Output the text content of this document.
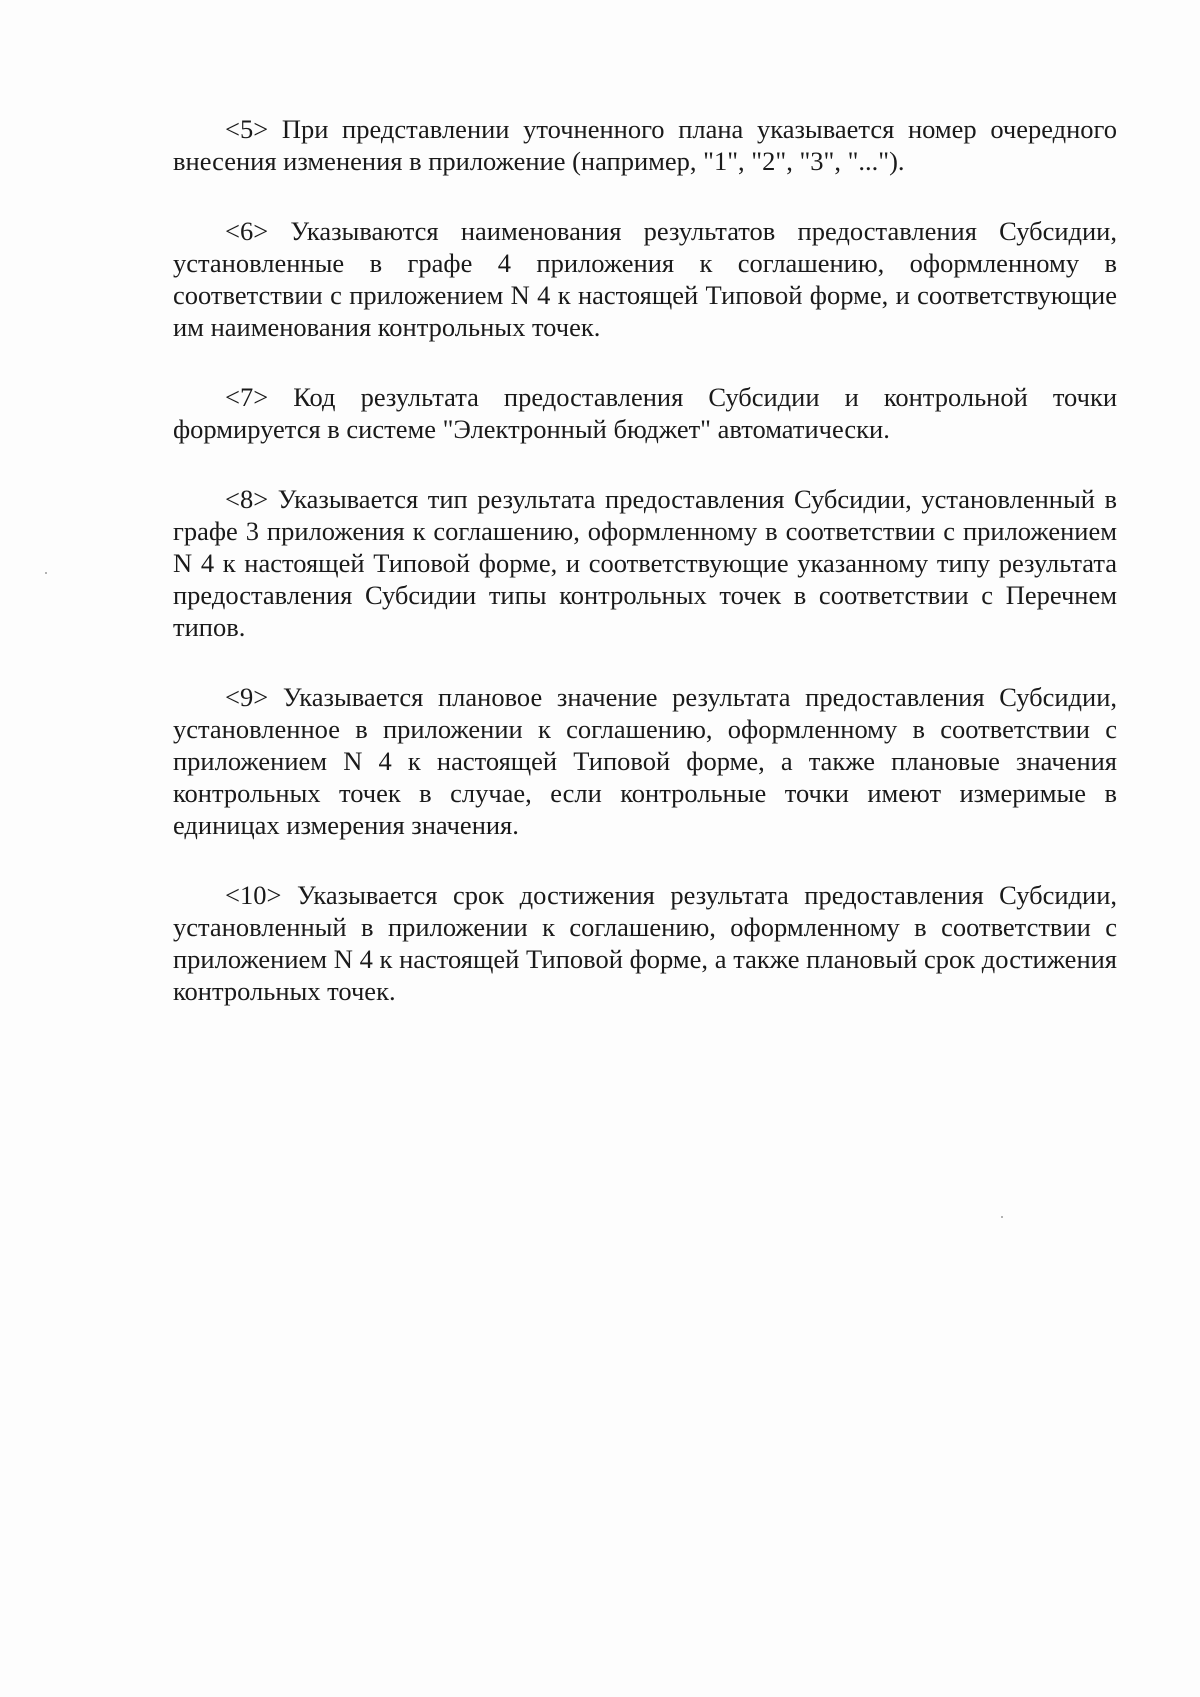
<5> При представлении уточненного плана указывается номер очередного внесения изменения в приложение (например, "1", "2", "3", "...").

<6> Указываются наименования результатов предоставления Субсидии, установленные в графе 4 приложения к соглашению, оформленному в соответствии с приложением N 4 к настоящей Типовой форме, и соответствующие им наименования контрольных точек.

<7> Код результата предоставления Субсидии и контрольной точки формируется в системе "Электронный бюджет" автоматически.

<8> Указывается тип результата предоставления Субсидии, установленный в графе 3 приложения к соглашению, оформленному в соответствии с приложением N 4 к настоящей Типовой форме, и соответствующие указанному типу результата предоставления Субсидии типы контрольных точек в соответствии с Перечнем типов.

<9> Указывается плановое значение результата предоставления Субсидии, установленное в приложении к соглашению, оформленному в соответствии с приложением N 4 к настоящей Типовой форме, а также плановые значения контрольных точек в случае, если контрольные точки имеют измеримые в единицах измерения значения.

<10> Указывается срок достижения результата предоставления Субсидии, установленный в приложении к соглашению, оформленному в соответствии с приложением N 4 к настоящей Типовой форме, а также плановый срок достижения контрольных точек.
